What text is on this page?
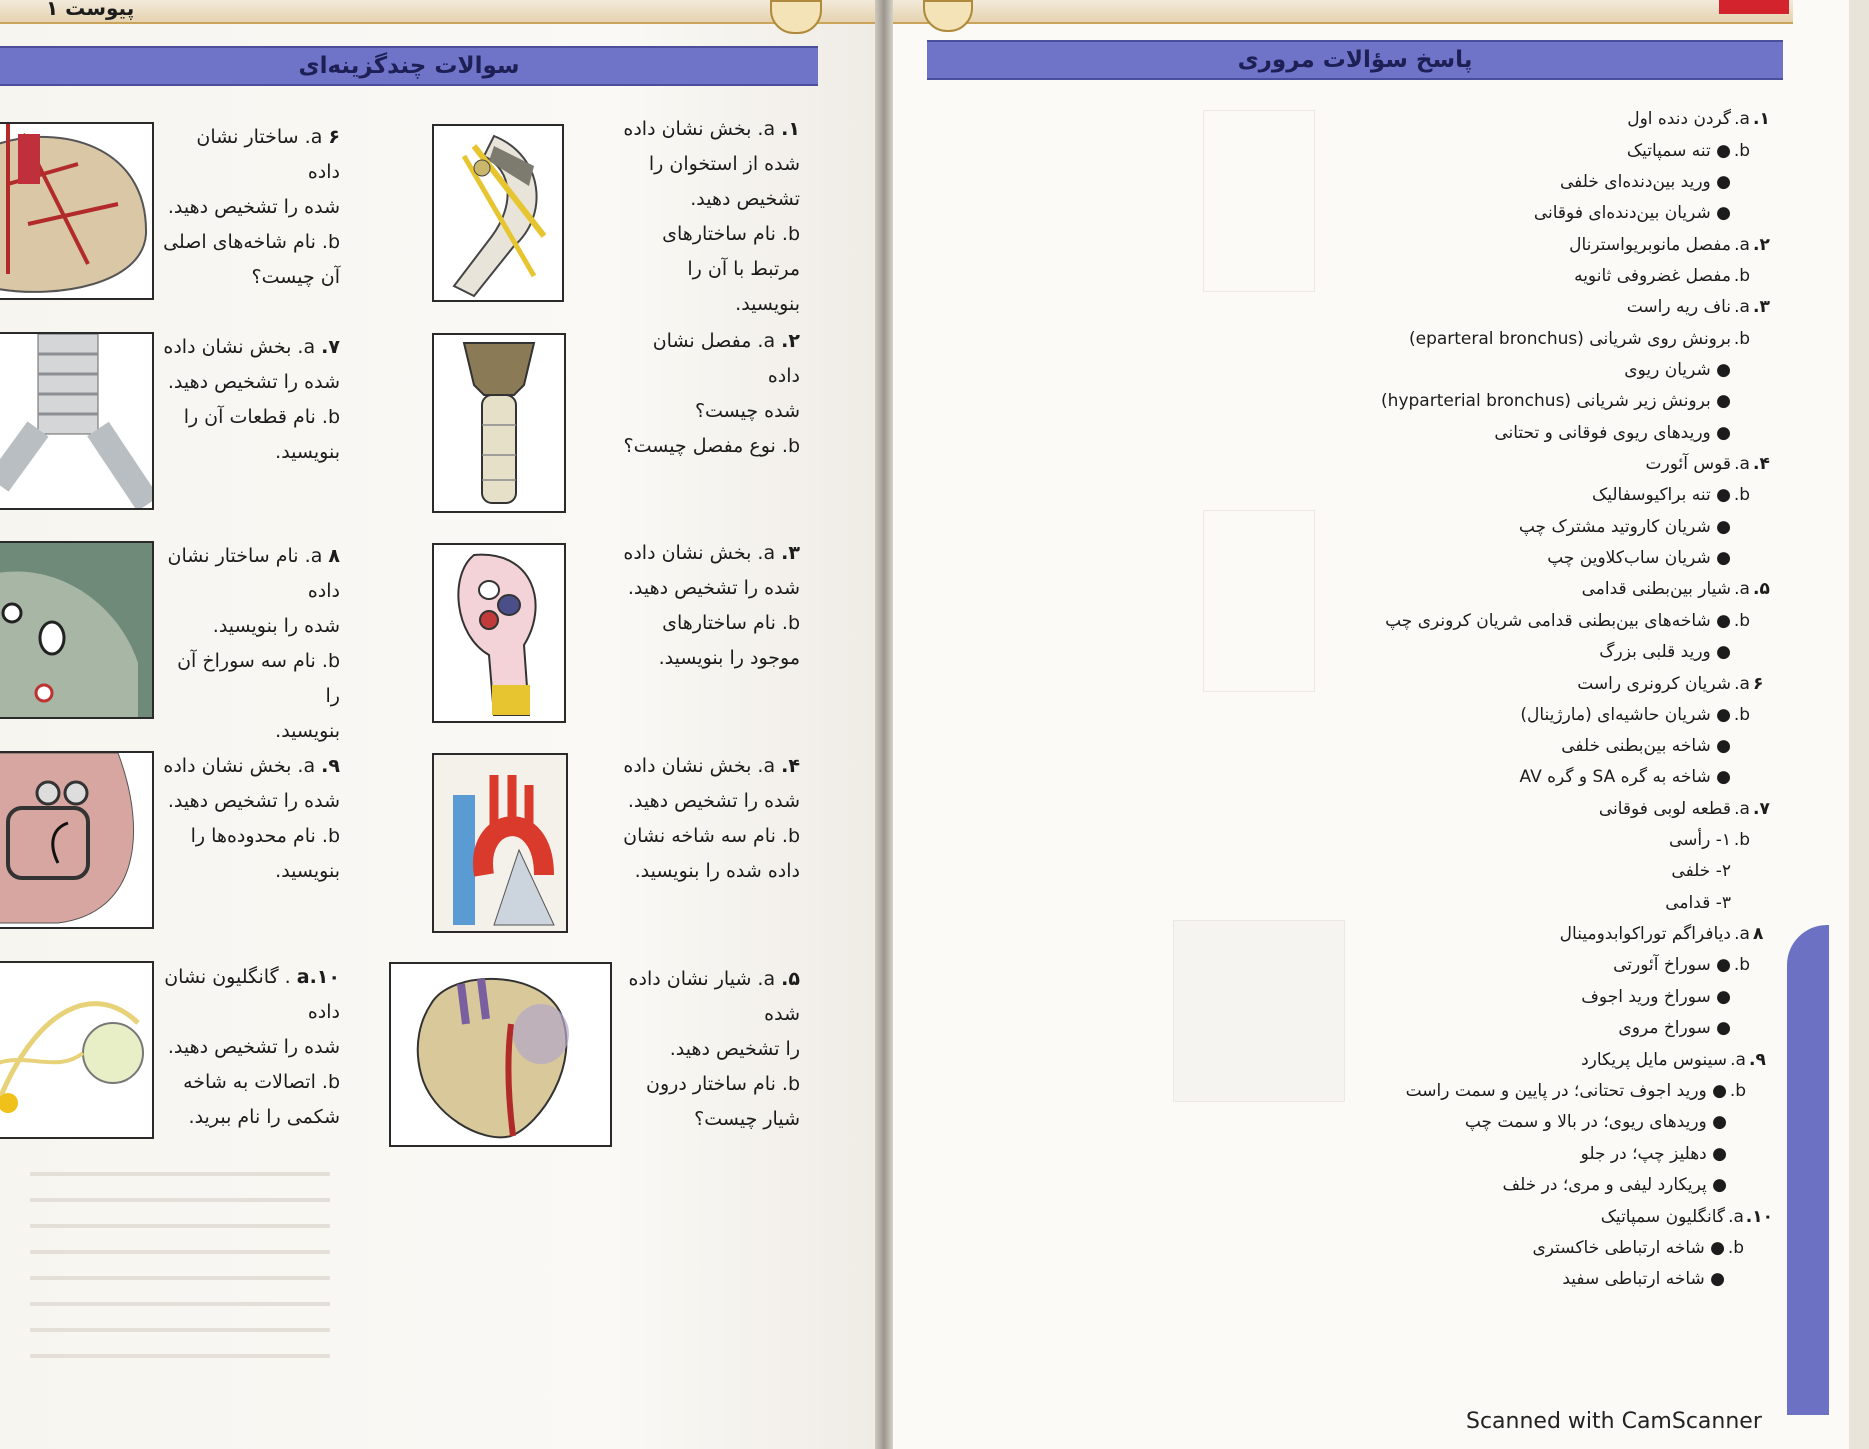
پیوست ۱
سوالات چندگزینه‌ای
۱. a. بخش نشان داده
شده از استخوان را
تشخیص دهید.
b. نام ساختارهای
مرتبط با آن را بنویسید.
۲. a. مفصل نشان داده
شده چیست؟
b. نوع مفصل چیست؟
۳. a. بخش نشان داده
شده را تشخیص دهید.
b. نام ساختارهای
موجود را بنویسید.
۴. a. بخش نشان داده
شده را تشخیص دهید.
b. نام سه شاخه نشان
داده شده را بنویسید.
۵. a. شیار نشان داده شده
را تشخیص دهید.
b. نام ساختار درون
شیار چیست؟
۶ a. ساختار نشان داده
شده را تشخیص دهید.
b. نام شاخه‌های اصلی
آن چیست؟
۷. a. بخش نشان داده
شده را تشخیص دهید.
b. نام قطعات آن را
بنویسید.
۸ a. نام ساختار نشان داده
شده را بنویسید.
b. نام سه سوراخ آن را
بنویسید.
۹. a. بخش نشان داده
شده را تشخیص دهید.
b. نام محدوده‌ها را
بنویسید.
a.۱۰ . گانگلیون نشان داده
شده را تشخیص دهید.
b. اتصالات به شاخه
شکمی را نام ببرید.
پاسخ سؤالات مروری
۱.a.گردن دنده اول
b.● تنه سمپاتیک
● ورید بین‌دنده‌ای خلفی
● شریان بین‌دنده‌ای فوقانی
۲.a.مفصل مانوبریواسترنال
b.مفصل غضروفی ثانویه
۳.a.ناف ریه راست
b.برونش روی شریانی (eparteral bronchus)
● شریان ریوی
● برونش زیر شریانی (hyparterial bronchus)
● وریدهای ریوی فوقانی و تحتانی
۴.a.قوس آئورت
b.● تنه براکیوسفالیک
● شریان کاروتید مشترک چپ
● شریان ساب‌کلاوین چپ
۵.a.شیار بین‌بطنی قدامی
b.● شاخه‌های بین‌بطنی قدامی شریان کرونری چپ
● ورید قلبی بزرگ
۶a.شریان کرونری راست
b.● شریان حاشیه‌ای (مارژینال)
● شاخه بین‌بطنی خلفی
● شاخه به گره SA و گره AV
۷.a.قطعه لوبی فوقانی
b.۱- رأسی
۲- خلفی
۳- قدامی
۸a.دیافراگم توراکوابدومینال
b.● سوراخ آئورتی
● سوراخ ورید اجوف
● سوراخ مروی
۹.a.سینوس مایل پریکارد
b.● ورید اجوف تحتانی؛ در پایین و سمت راست
● وریدهای ریوی؛ در بالا و سمت چپ
● دهلیز چپ؛ در جلو
● پریکارد لیفی و مری؛ در خلف
۱۰.a.گانگلیون سمپاتیک
b.● شاخه ارتباطی خاکستری
● شاخه ارتباطی سفید
Scanned with CamScanner
